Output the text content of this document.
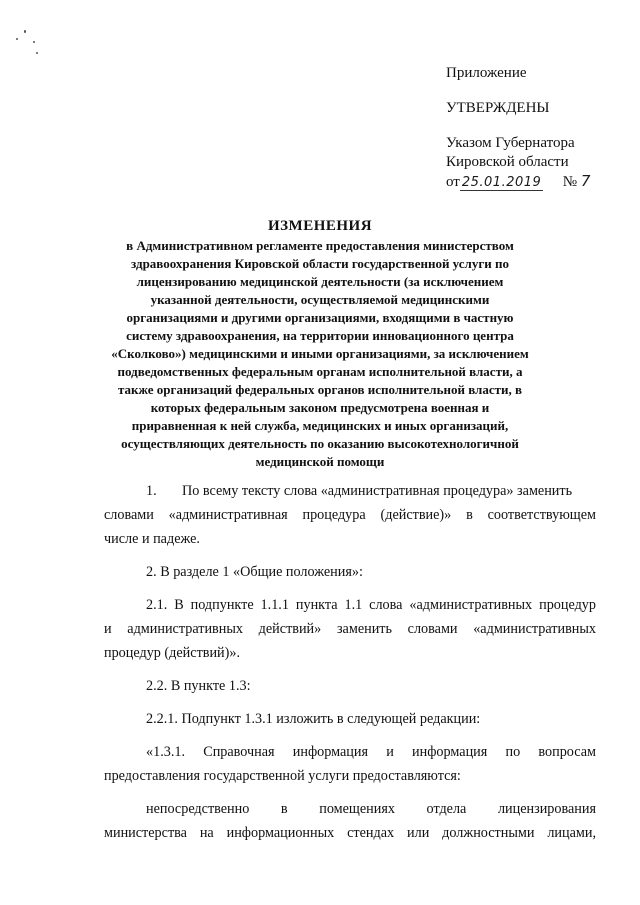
Приложение
УТВЕРЖДЕНЫ
Указом Губернатора
Кировской области
от 25.01.2019 № 7
ИЗМЕНЕНИЯ
в Административном регламенте предоставления министерством
здравоохранения Кировской области государственной услуги по
лицензированию медицинской деятельности (за исключением
указанной деятельности, осуществляемой медицинскими
организациями и другими организациями, входящими в частную
систему здравоохранения, на территории инновационного центра
«Сколково») медицинскими и иными организациями, за исключением
подведомственных федеральным органам исполнительной власти, а
также организаций федеральных органов исполнительной власти, в
которых федеральным законом предусмотрена военная и
приравненная к ней служба, медицинских и иных организаций,
осуществляющих деятельность по оказанию высокотехнологичной
медицинской помощи
1.	По всему тексту слова «административная процедура» заменить
словами «административная процедура (действие)» в соответствующем
числе и падеже.
2. В разделе 1 «Общие положения»:
2.1. В подпункте 1.1.1 пункта 1.1 слова «административных процедур
и административных действий» заменить словами «административных
процедур (действий)».
2.2. В пункте 1.3:
2.2.1. Подпункт 1.3.1 изложить в следующей редакции:
«1.3.1. Справочная информация и информация по вопросам
предоставления государственной услуги предоставляются:
непосредственно в помещениях отдела лицензирования
министерства на информационных стендах или должностными лицами,
